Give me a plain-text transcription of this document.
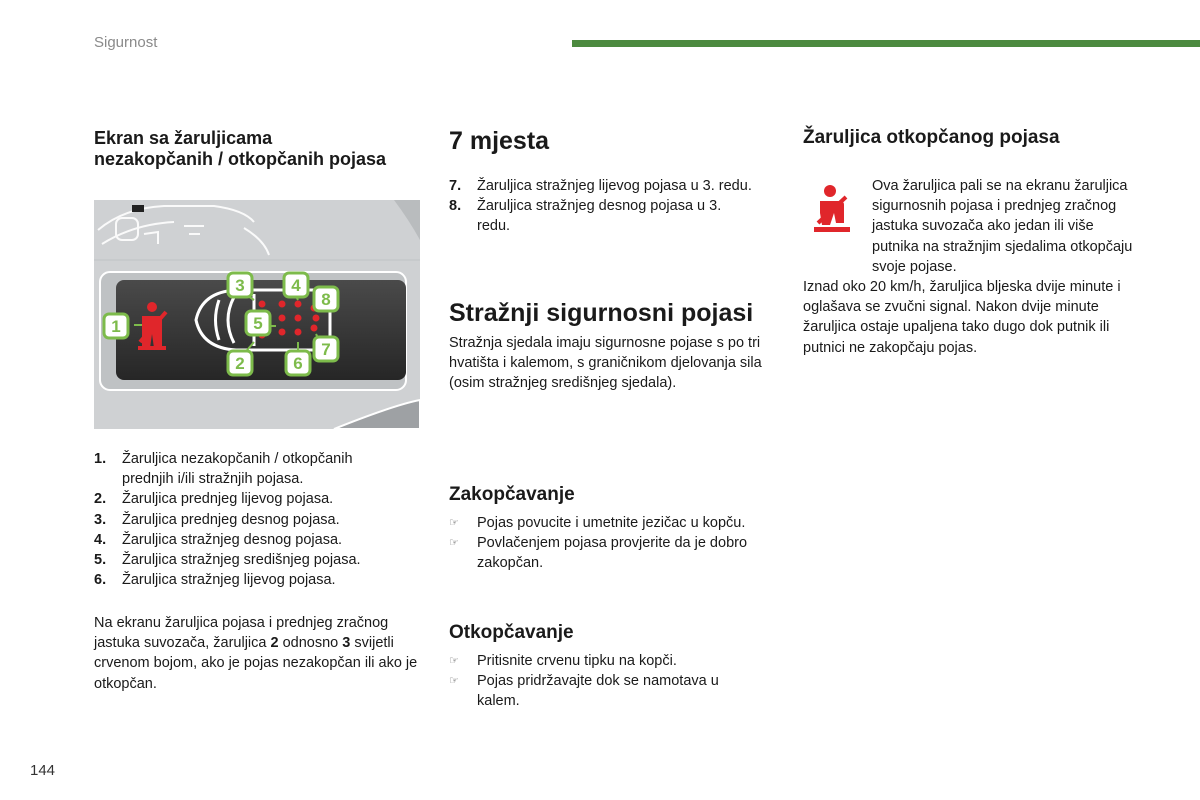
Sigurnost
Ekran sa žaruljicama nezakopčanih / otkopčanih pojasa
1
3	4
8
5
7
2	6
1. Žaruljica nezakopčanih / otkopčanih prednjih i/ili stražnjih pojasa.
2. Žaruljica prednjeg lijevog pojasa.
3. Žaruljica prednjeg desnog pojasa.
4. Žaruljica stražnjeg desnog pojasa.
5. Žaruljica stražnjeg središnjeg pojasa.
6. Žaruljica stražnjeg lijevog pojasa.

Na ekranu žaruljica pojasa i prednjeg zračnog jastuka suvozača, žaruljica 2 odnosno 3 svijetli crvenom bojom, ako je pojas nezakopčan ili ako je otkopčan.

7 mjesta
7. Žaruljica stražnjeg lijevog pojasa u 3. redu.
8. Žaruljica stražnjeg desnog pojasa u 3. redu.
Stražnji sigurnosni pojasi

Stražnja sjedala imaju sigurnosne pojase s po tri hvatišta i kalemom, s graničnikom djelovanja sila (osim stražnjeg središnjeg sjedala).

Zakopčavanje
☞ Pojas povucite i umetnite jezičac u kopču.
☞ Povlačenjem pojasa provjerite da je dobro zakopčan.
Otkopčavanje
☞ Pritisnite crvenu tipku na kopči.
☞ Pojas pridržavajte dok se namotava u kalem.
Žaruljica otkopčanog pojasa

Ova žaruljica pali se na ekranu žaruljica sigurnosnih pojasa i prednjeg zračnog jastuka suvozača ako jedan ili više putnika na stražnjim sjedalima otkopčaju svoje pojase.

Iznad oko 20 km/h, žaruljica bljeska dvije minute i oglašava se zvučni signal. Nakon dvije minute žaruljica ostaje upaljena tako dugo dok putnik ili putnici ne zakopčaju pojas.

144
